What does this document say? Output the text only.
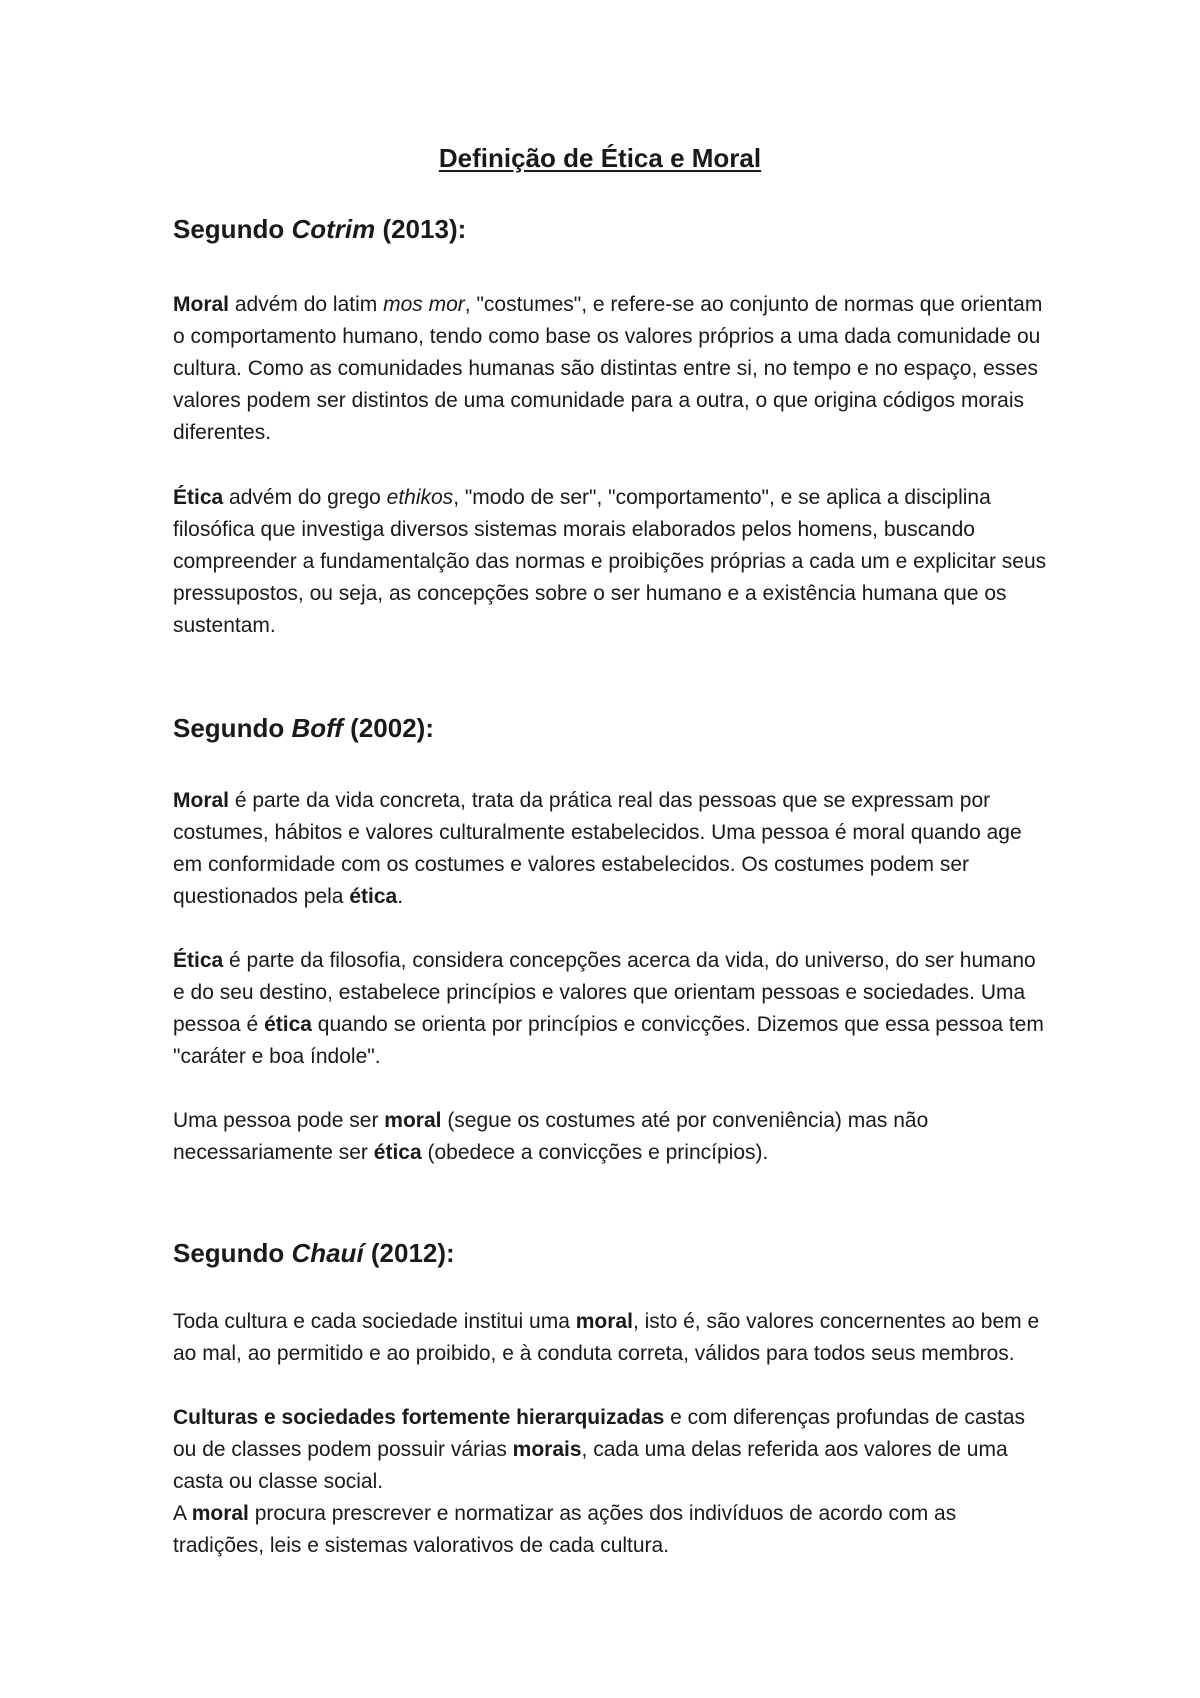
Definição de Ética e Moral
Segundo Cotrim (2013):

Moral advém do latim mos mor, "costumes", e refere-se ao conjunto de normas que orientam o comportamento humano, tendo como base os valores próprios a uma dada comunidade ou cultura. Como as comunidades humanas são distintas entre si, no tempo e no espaço, esses valores podem ser distintos de uma comunidade para a outra, o que origina códigos morais diferentes.

Ética advém do grego ethikos, "modo de ser", "comportamento", e se aplica a disciplina filosófica que investiga diversos sistemas morais elaborados pelos homens, buscando compreender a fundamentalção das normas e proibições próprias a cada um e explicitar seus pressupostos, ou seja, as concepções sobre o ser humano e a existência humana que os sustentam.

Segundo Boff (2002):

Moral é parte da vida concreta, trata da prática real das pessoas que se expressam por costumes, hábitos e valores culturalmente estabelecidos. Uma pessoa é moral quando age em conformidade com os costumes e valores estabelecidos. Os costumes podem ser questionados pela ética.

Ética é parte da filosofia, considera concepções acerca da vida, do universo, do ser humano e do seu destino, estabelece princípios e valores que orientam pessoas e sociedades. Uma pessoa é ética quando se orienta por princípios e convicções. Dizemos que essa pessoa tem "caráter e boa índole".

Uma pessoa pode ser moral (segue os costumes até por conveniência) mas não necessariamente ser ética (obedece a convicções e princípios).

Segundo Chauí (2012):

Toda cultura e cada sociedade institui uma moral, isto é, são valores concernentes ao bem e ao mal, ao permitido e ao proibido, e à conduta correta, válidos para todos seus membros.

Culturas e sociedades fortemente hierarquizadas e com diferenças profundas de castas ou de classes podem possuir várias morais, cada uma delas referida aos valores de uma casta ou classe social.

A moral procura prescrever e normatizar as ações dos indivíduos de acordo com as tradições, leis e sistemas valorativos de cada cultura.
